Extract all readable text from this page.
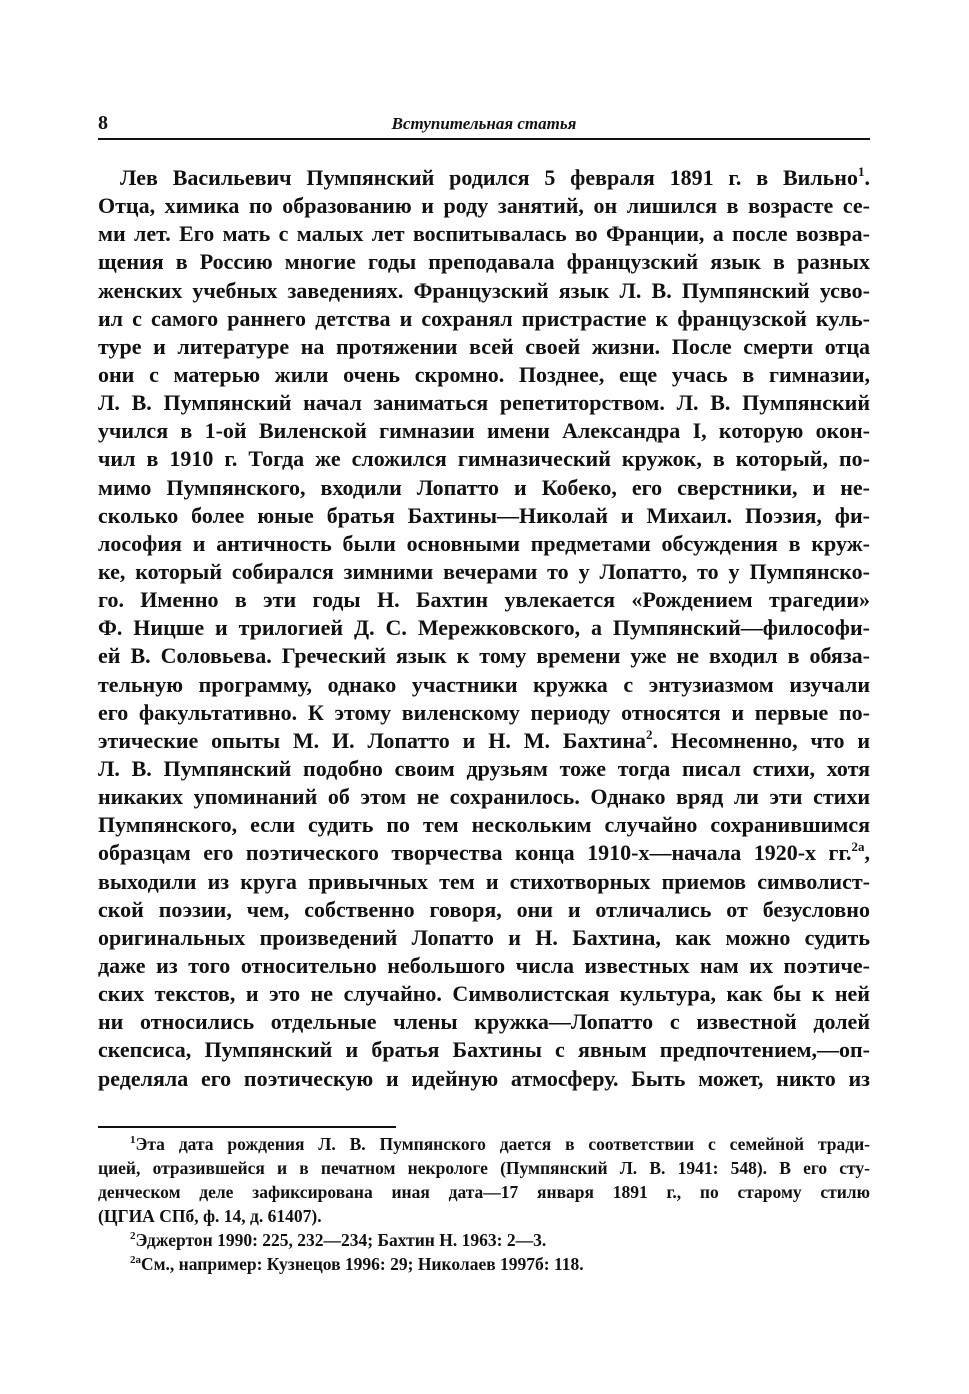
8	Вступительная статья
Лев Васильевич Пумпянский родился 5 февраля 1891 г. в Вильно$^1$.
Отца, химика по образованию и роду занятий, он лишился в возрасте се-
ми лет. Его мать с малых лет воспитывалась во Франции, а после возвра-
щения в Россию многие годы преподавала французский язык в разных
женских учебных заведениях. Французский язык Л. В. Пумпянский усво-
ил с самого раннего детства и сохранял пристрастие к французской куль-
туре и литературе на протяжении всей своей жизни. После смерти отца
они с матерью жили очень скромно. Позднее, еще учась в гимназии,
Л. В. Пумпянский начал заниматься репетиторством. Л. В. Пумпянский
учился в 1-ой Виленской гимназии имени Александра I, которую окон-
чил в 1910 г. Тогда же сложился гимназический кружок, в который, по-
мимо Пумпянского, входили Лопатто и Кобеко, его сверстники, и не-
сколько более юные братья Бахтины—Николай и Михаил. Поэзия, фи-
лософия и античность были основными предметами обсуждения в круж-
ке, который собирался зимними вечерами то у Лопатто, то у Пумпянско-
го. Именно в эти годы Н. Бахтин увлекается «Рождением трагедии»
Ф. Ницше и трилогией Д. С. Мережковского, а Пумпянский—философи-
ей В. Соловьева. Греческий язык к тому времени уже не входил в обяза-
тельную программу, однако участники кружка с энтузиазмом изучали
его факультативно. К этому виленскому периоду относятся и первые по-
этические опыты М. И. Лопатто и Н. М. Бахтина$^2$. Несомненно, что и
Л. В. Пумпянский подобно своим друзьям тоже тогда писал стихи, хотя
никаких упоминаний об этом не сохранилось. Однако вряд ли эти стихи
Пумпянского, если судить по тем нескольким случайно сохранившимся
образцам его поэтического творчества конца 1910-х—начала 1920-х гг.$^{2a}$,
выходили из круга привычных тем и стихотворных приемов символист-
ской поэзии, чем, собственно говоря, они и отличались от безусловно
оригинальных произведений Лопатто и Н. Бахтина, как можно судить
даже из того относительно небольшого числа известных нам их поэтиче-
ских текстов, и это не случайно. Символистская культура, как бы к ней
ни относились отдельные члены кружка—Лопатто с известной долей
скепсиса, Пумпянский и братья Бахтины с явным предпочтением,—оп-
ределяла его поэтическую и идейную атмосферу. Быть может, никто из
$^1$Эта дата рождения Л. В. Пумпянского дается в соответствии с семейной тради-
цией, отразившейся и в печатном некрологе (Пумпянский Л. В. 1941: 548). В его сту-
денческом деле зафиксирована иная дата—17 января 1891 г., по старому стилю
(ЦГИА СПб, ф. 14, д. 61407).
$^2$Эджертон 1990: 225, 232—234; Бахтин Н. 1963: 2—3.
$^{2a}$См., например: Кузнецов 1996: 29; Николаев 1997б: 118.
